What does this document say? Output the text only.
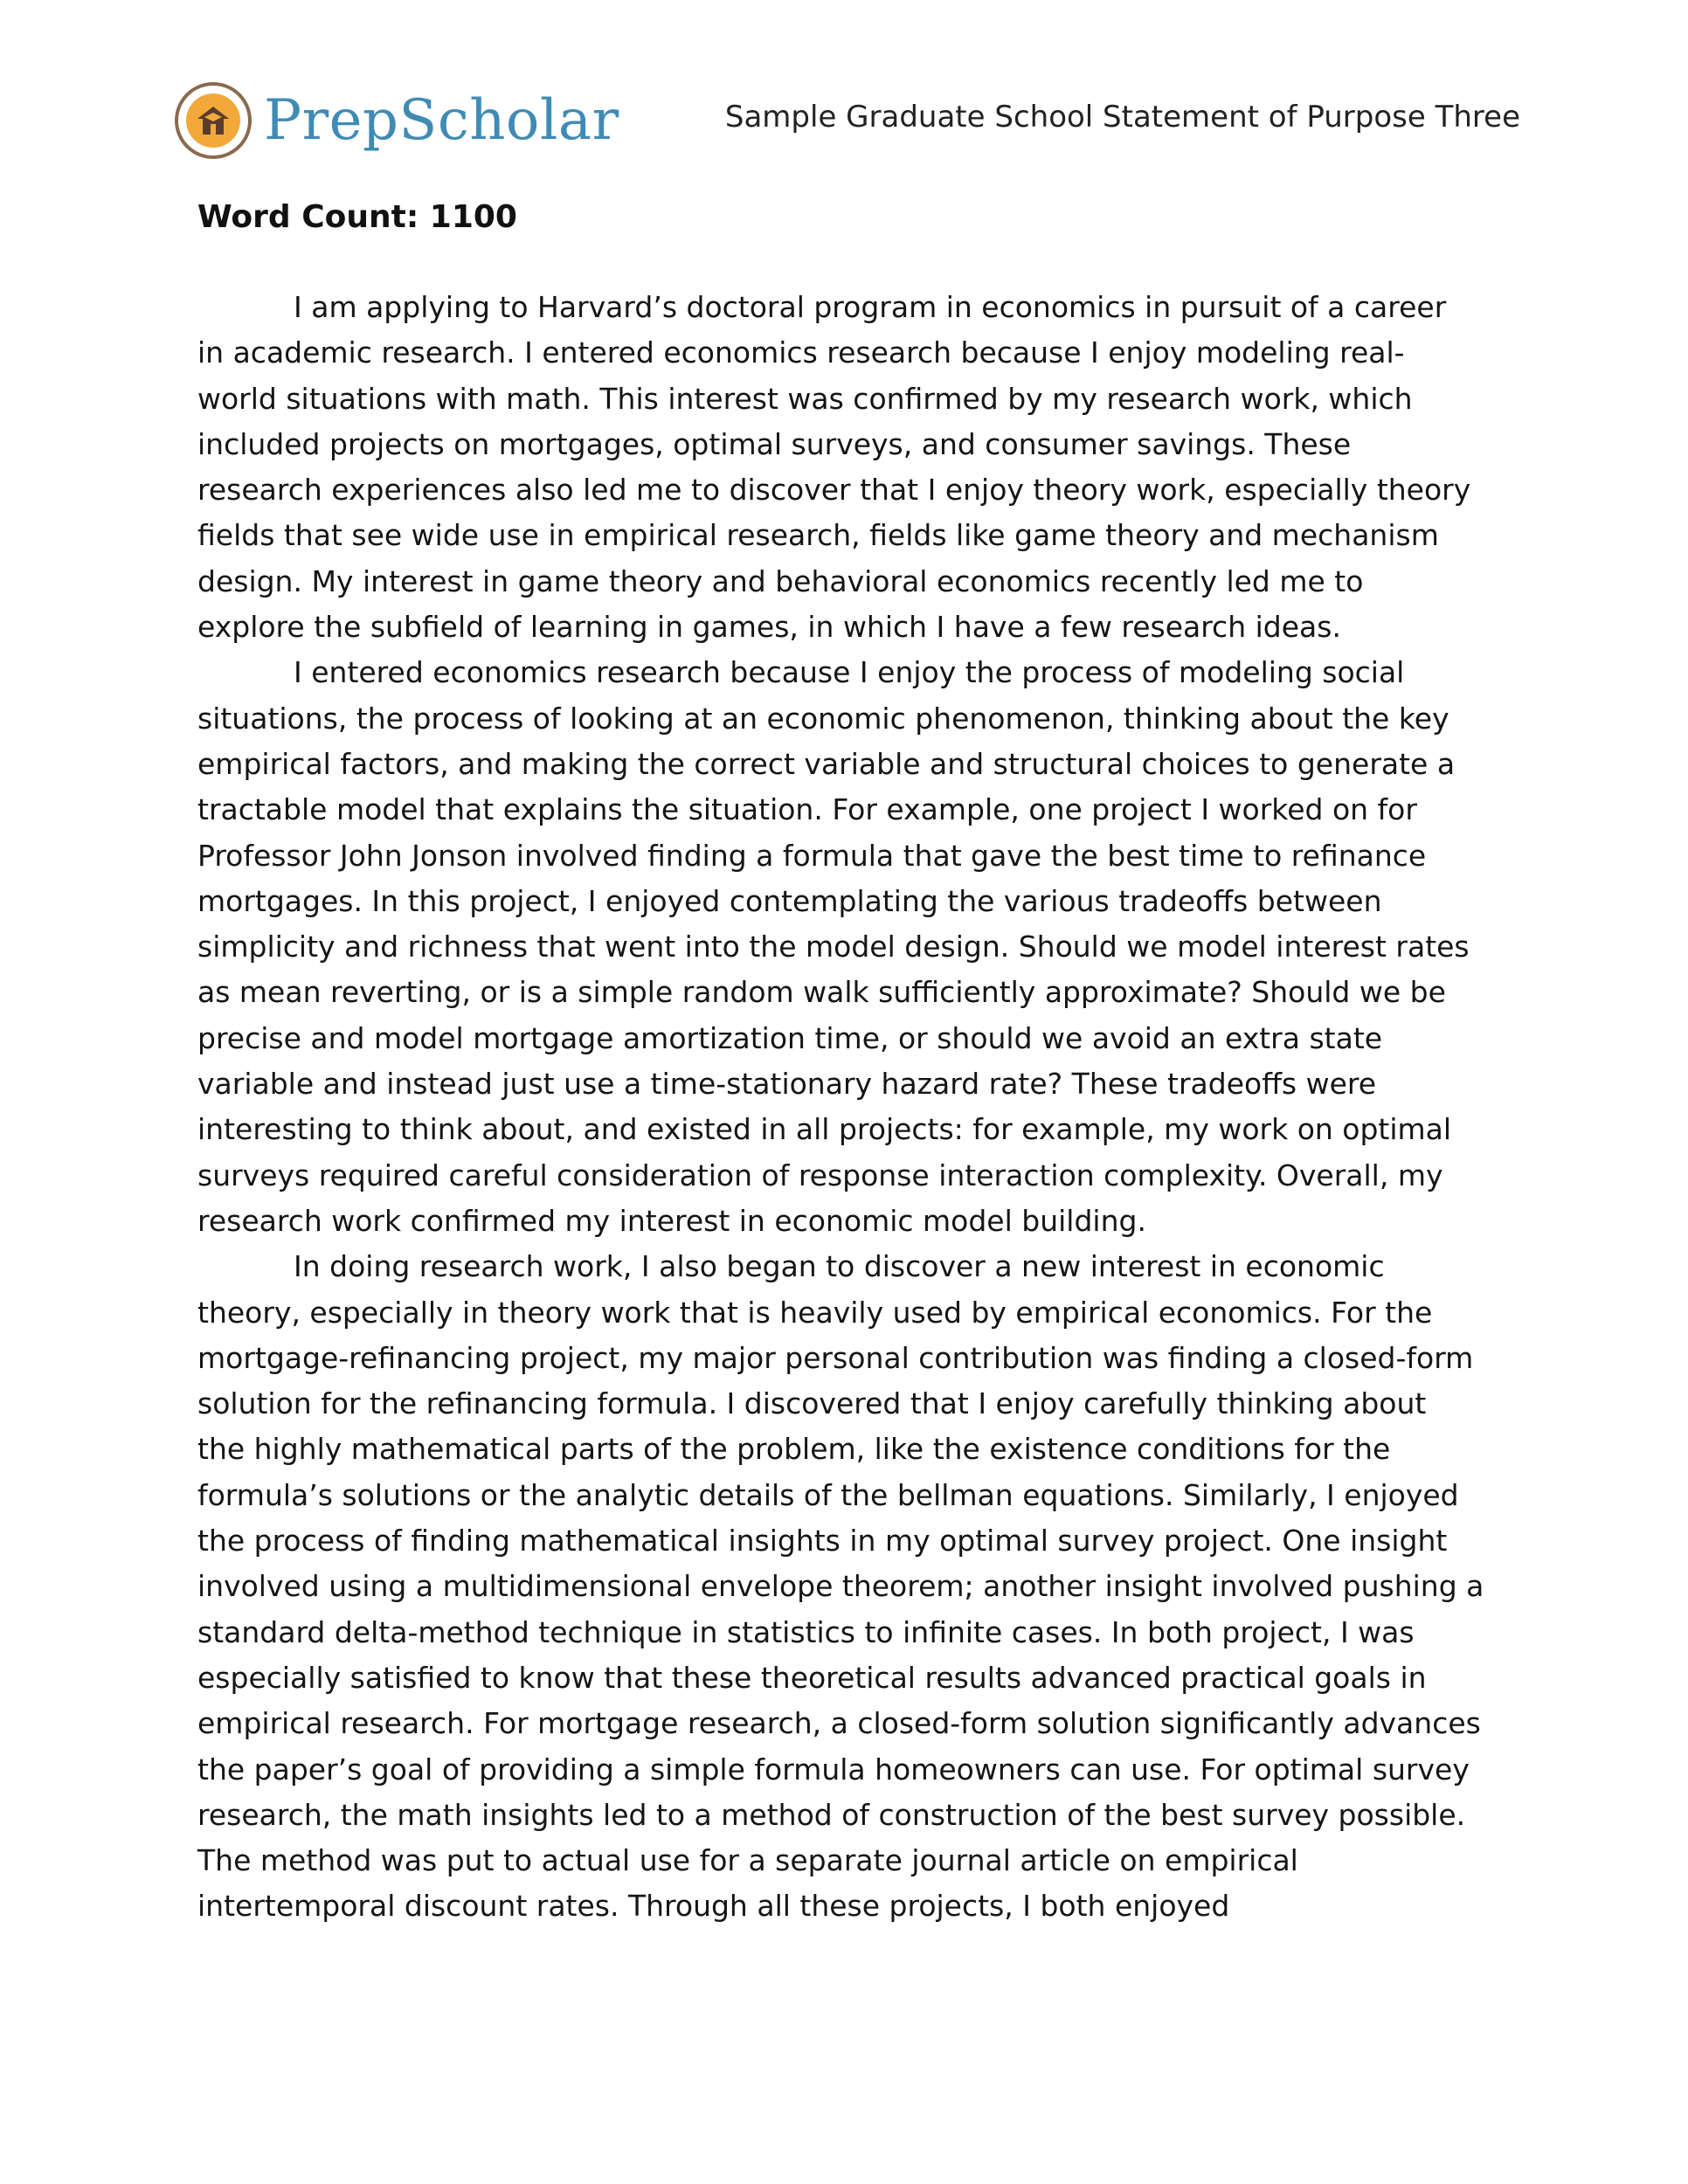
PrepScholar	Sample Graduate School Statement of Purpose Three
Word Count: 1100
I am applying to Harvard’s doctoral program in economics in pursuit of a career
in academic research. I entered economics research because I enjoy modeling real-
world situations with math. This interest was confirmed by my research work, which
included projects on mortgages, optimal surveys, and consumer savings. These
research experiences also led me to discover that I enjoy theory work, especially theory
fields that see wide use in empirical research, fields like game theory and mechanism
design. My interest in game theory and behavioral economics recently led me to
explore the subfield of learning in games, in which I have a few research ideas.
I entered economics research because I enjoy the process of modeling social
situations, the process of looking at an economic phenomenon, thinking about the key
empirical factors, and making the correct variable and structural choices to generate a
tractable model that explains the situation. For example, one project I worked on for
Professor John Jonson involved finding a formula that gave the best time to refinance
mortgages. In this project, I enjoyed contemplating the various tradeoffs between
simplicity and richness that went into the model design. Should we model interest rates
as mean reverting, or is a simple random walk sufficiently approximate? Should we be
precise and model mortgage amortization time, or should we avoid an extra state
variable and instead just use a time-stationary hazard rate? These tradeoffs were
interesting to think about, and existed in all projects: for example, my work on optimal
surveys required careful consideration of response interaction complexity. Overall, my
research work confirmed my interest in economic model building.
In doing research work, I also began to discover a new interest in economic
theory, especially in theory work that is heavily used by empirical economics. For the
mortgage-refinancing project, my major personal contribution was finding a closed-form
solution for the refinancing formula. I discovered that I enjoy carefully thinking about
the highly mathematical parts of the problem, like the existence conditions for the
formula’s solutions or the analytic details of the bellman equations. Similarly, I enjoyed
the process of finding mathematical insights in my optimal survey project. One insight
involved using a multidimensional envelope theorem; another insight involved pushing a
standard delta-method technique in statistics to infinite cases. In both project, I was
especially satisfied to know that these theoretical results advanced practical goals in
empirical research. For mortgage research, a closed-form solution significantly advances
the paper’s goal of providing a simple formula homeowners can use. For optimal survey
research, the math insights led to a method of construction of the best survey possible.
The method was put to actual use for a separate journal article on empirical
intertemporal discount rates. Through all these projects, I both enjoyed
